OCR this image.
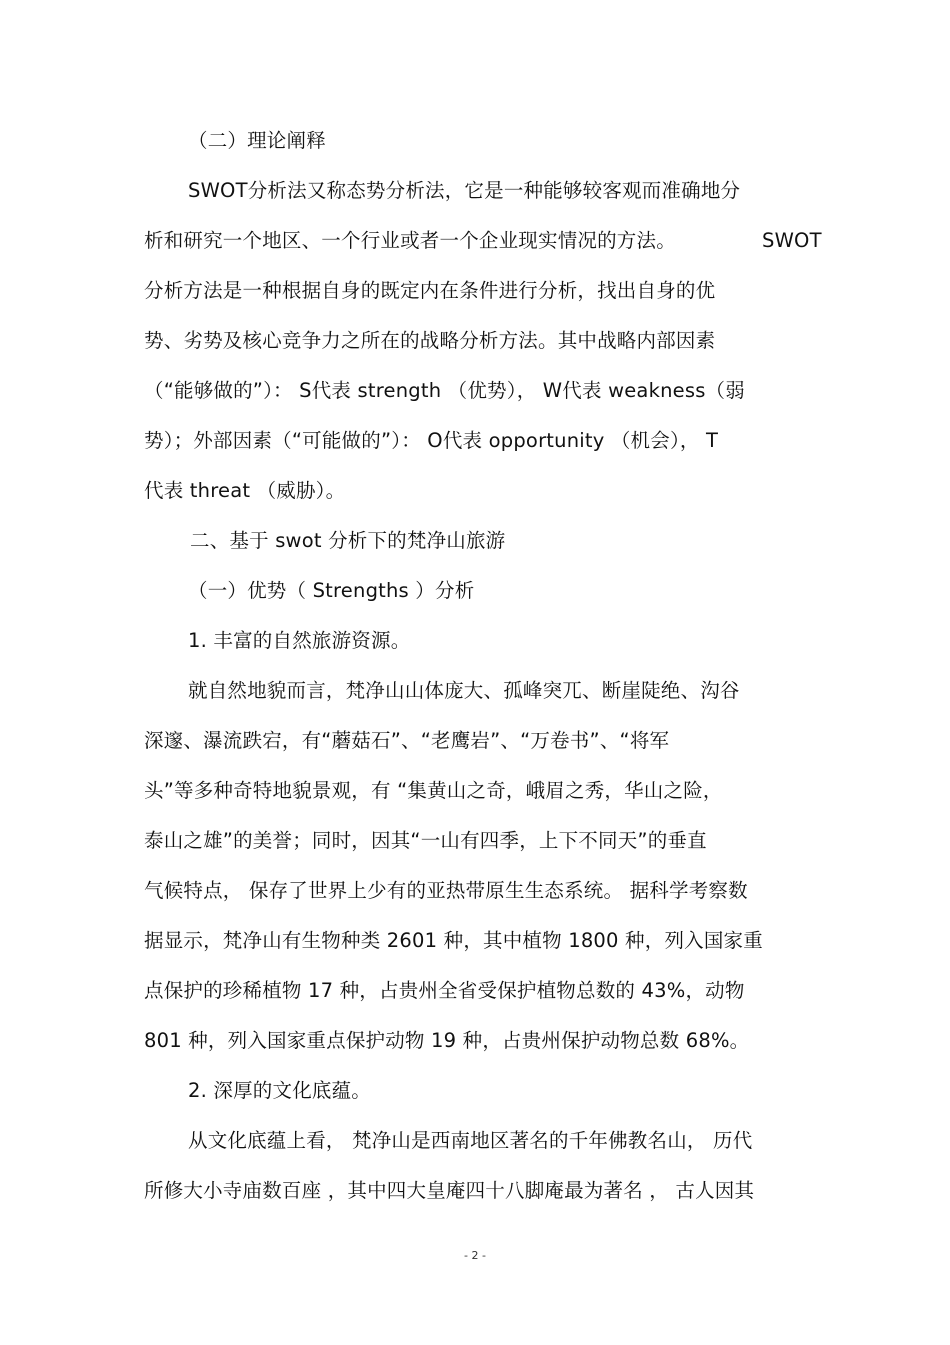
（二）理论阐释
SWOT分析法又称态势分析法，它是一种能够较客观而准确地分
析和研究一个地区、一个行业或者一个企业现实情况的方法。	SWOT
分析方法是一种根据自身的既定内在条件进行分析，找出自身的优
势、劣势及核心竞争力之所在的战略分析方法。其中战略内部因素
（“能够做的”）： S代表 strength （优势）， W代表 weakness（弱
势）；外部因素（“可能做的”）： O代表 opportunity （机会）， T
代表 threat （威胁）。
二、基于 swot 分析下的梵净山旅游
（一）优势（ Strengths ）分析
1. 丰富的自然旅游资源。
就自然地貌而言，梵净山山体庞大、孤峰突兀、断崖陡绝、沟谷
深邃、瀑流跌宕，有“蘑菇石”、“老鹰岩”、“万卷书”、“将军
头”等多种奇特地貌景观，有 “集黄山之奇，峨眉之秀，华山之险，
泰山之雄”的美誉；同时，因其“一山有四季，上下不同天”的垂直
气候特点， 保存了世界上少有的亚热带原生生态系统。 据科学考察数
据显示，梵净山有生物种类 2601 种，其中植物 1800 种，列入国家重
点保护的珍稀植物 17 种，占贵州全省受保护植物总数的 43%，动物
801 种，列入国家重点保护动物 19 种，占贵州保护动物总数 68%。
2. 深厚的文化底蕴。
从文化底蕴上看， 梵净山是西南地区著名的千年佛教名山， 历代
所修大小寺庙数百座 ，其中四大皇庵四十八脚庵最为著名 ， 古人因其
- 2 -
